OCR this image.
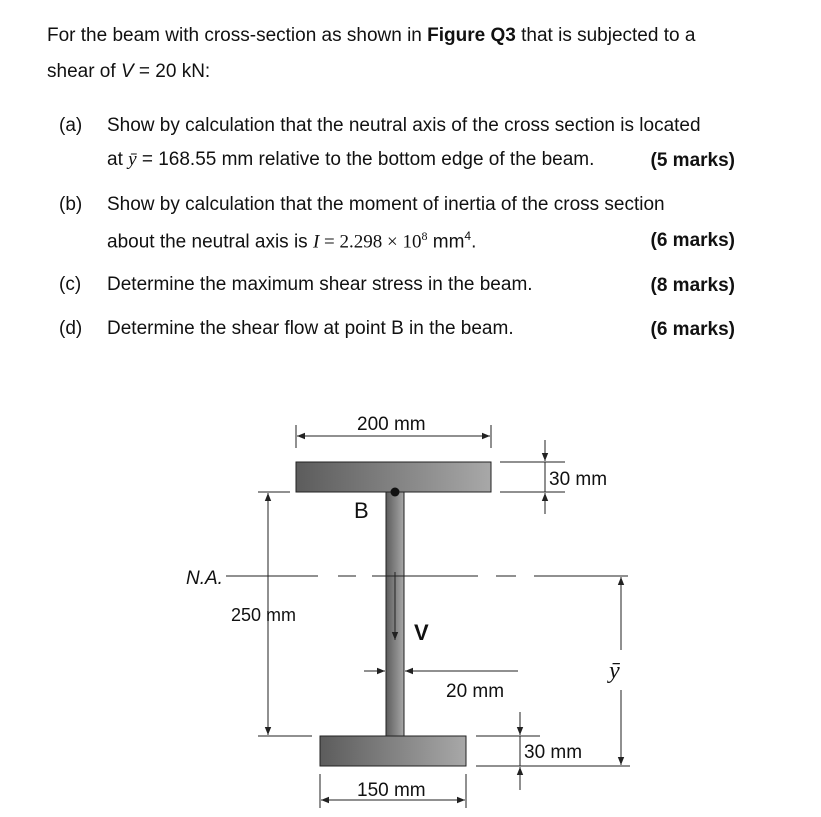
For the beam with cross-section as shown in Figure Q3 that is subjected to a
shear of V = 20 kN:
(a) Show by calculation that the neutral axis of the cross section is located
at ȳ = 168.55 mm relative to the bottom edge of the beam.	(5 marks)
(b) Show by calculation that the moment of inertia of the cross section
about the neutral axis is $I = 2.298 \times 10^8$ $mm^4$.	(6 marks)
(c) Determine the maximum shear stress in the beam.	(8 marks)
(d) Determine the shear flow at point B in the beam.	(6 marks)
B
200 mm
30 mm
250 mm
N.A.
V
20 mm
ȳ
30 mm
150 mm
